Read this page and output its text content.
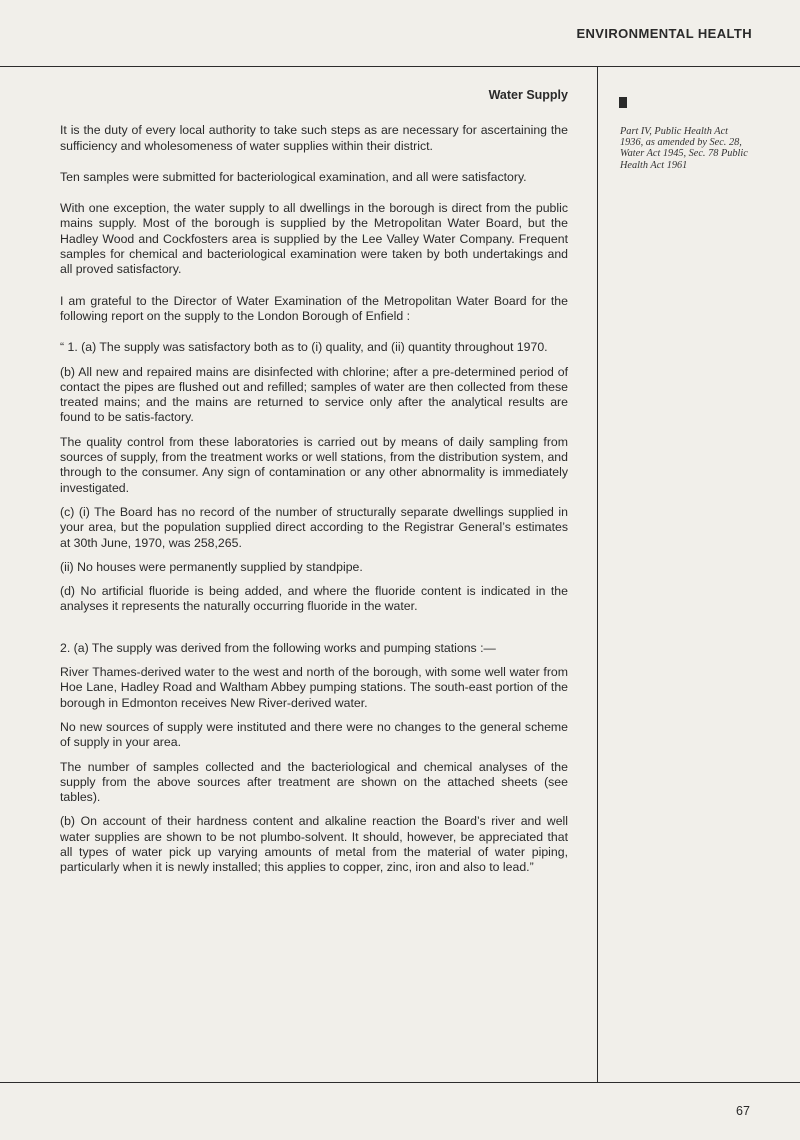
ENVIRONMENTAL HEALTH
Water Supply

It is the duty of every local authority to take such steps as are necessary for ascertaining the sufficiency and wholesomeness of water supplies within their district.

Ten samples were submitted for bacteriological examination, and all were satisfactory.

With one exception, the water supply to all dwellings in the borough is direct from the public mains supply. Most of the borough is supplied by the Metropolitan Water Board, but the Hadley Wood and Cockfosters area is supplied by the Lee Valley Water Company. Frequent samples for chemical and bacteriological examination were taken by both undertakings and all proved satisfactory.

I am grateful to the Director of Water Examination of the Metropolitan Water Board for the following report on the supply to the London Borough of Enfield :

“ 1. (a) The supply was satisfactory both as to (i) quality, and (ii) quantity throughout 1970.

(b) All new and repaired mains are disinfected with chlorine; after a pre-determined period of contact the pipes are flushed out and refilled; samples of water are then collected from these treated mains; and the mains are returned to service only after the analytical results are found to be satis-factory.

The quality control from these laboratories is carried out by means of daily sampling from sources of supply, from the treatment works or well stations, from the distribution system, and through to the consumer. Any sign of contamination or any other abnormality is immediately investigated.

(c) (i) The Board has no record of the number of structurally separate dwellings supplied in your area, but the population supplied direct according to the Registrar General’s estimates at 30th June, 1970, was 258,265.

(ii) No houses were permanently supplied by standpipe.

(d) No artificial fluoride is being added, and where the fluoride content is indicated in the analyses it represents the naturally occurring fluoride in the water.

2. (a) The supply was derived from the following works and pumping stations :—

River Thames-derived water to the west and north of the borough, with some well water from Hoe Lane, Hadley Road and Waltham Abbey pumping stations. The south-east portion of the borough in Edmonton receives New River-derived water.

No new sources of supply were instituted and there were no changes to the general scheme of supply in your area.

The number of samples collected and the bacteriological and chemical analyses of the supply from the above sources after treatment are shown on the attached sheets (see tables).

(b) On account of their hardness content and alkaline reaction the Board’s river and well water supplies are shown to be not plumbo-solvent. It should, however, be appreciated that all types of water pick up varying amounts of metal from the material of water piping, particularly when it is newly installed; this applies to copper, zinc, iron and also to lead.”

Part IV, Public Health Act 1936, as amended by Sec. 28, Water Act 1945, Sec. 78 Public Health Act 1961
67
